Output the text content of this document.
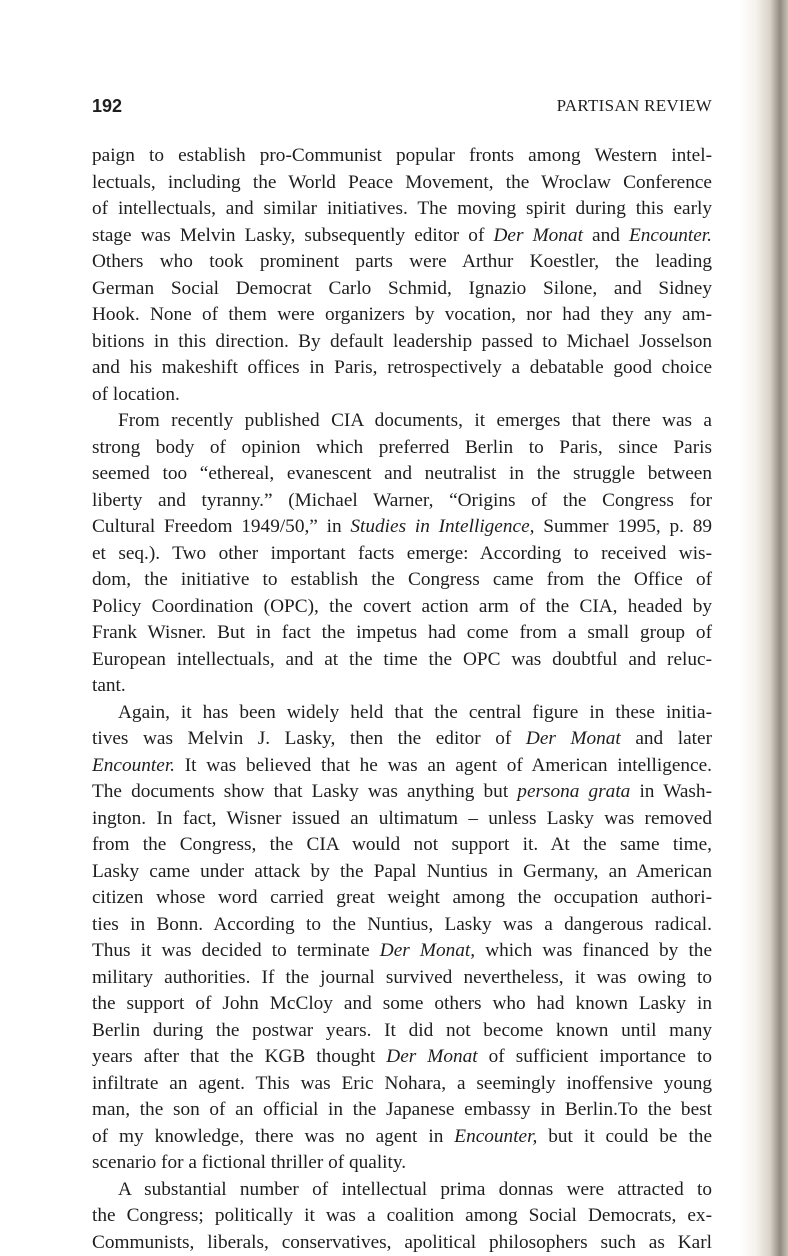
192	PARTISAN REVIEW
paign to establish pro-Communist popular fronts among Western intel-
lectuals, including the World Peace Movement, the Wroclaw Conference
of intellectuals, and similar initiatives. The moving spirit during this early
stage was Melvin Lasky, subsequently editor of Der Monat and Encounter.
Others who took prominent parts were Arthur Koestler, the leading
German Social Democrat Carlo Schmid, Ignazio Silone, and Sidney
Hook. None of them were organizers by vocation, nor had they any am-
bitions in this direction. By default leadership passed to Michael Josselson
and his makeshift offices in Paris, retrospectively a debatable good choice
of location.
From recently published CIA documents, it emerges that there was a
strong body of opinion which preferred Berlin to Paris, since Paris
seemed too “ethereal, evanescent and neutralist in the struggle between
liberty and tyranny.” (Michael Warner, “Origins of the Congress for
Cultural Freedom 1949/50,” in Studies in Intelligence, Summer 1995, p. 89
et seq.). Two other important facts emerge: According to received wis-
dom, the initiative to establish the Congress came from the Office of
Policy Coordination (OPC), the covert action arm of the CIA, headed by
Frank Wisner. But in fact the impetus had come from a small group of
European intellectuals, and at the time the OPC was doubtful and reluc-
tant.
Again, it has been widely held that the central figure in these initia-
tives was Melvin J. Lasky, then the editor of Der Monat and later
Encounter. It was believed that he was an agent of American intelligence.
The documents show that Lasky was anything but persona grata in Wash-
ington. In fact, Wisner issued an ultimatum – unless Lasky was removed
from the Congress, the CIA would not support it. At the same time,
Lasky came under attack by the Papal Nuntius in Germany, an American
citizen whose word carried great weight among the occupation authori-
ties in Bonn. According to the Nuntius, Lasky was a dangerous radical.
Thus it was decided to terminate Der Monat, which was financed by the
military authorities. If the journal survived nevertheless, it was owing to
the support of John McCloy and some others who had known Lasky in
Berlin during the postwar years. It did not become known until many
years after that the KGB thought Der Monat of sufficient importance to
infiltrate an agent. This was Eric Nohara, a seemingly inoffensive young
man, the son of an official in the Japanese embassy in Berlin.To the best
of my knowledge, there was no agent in Encounter, but it could be the
scenario for a fictional thriller of quality.
A substantial number of intellectual prima donnas were attracted to
the Congress; politically it was a coalition among Social Democrats, ex-
Communists, liberals, conservatives, apolitical philosophers such as Karl
